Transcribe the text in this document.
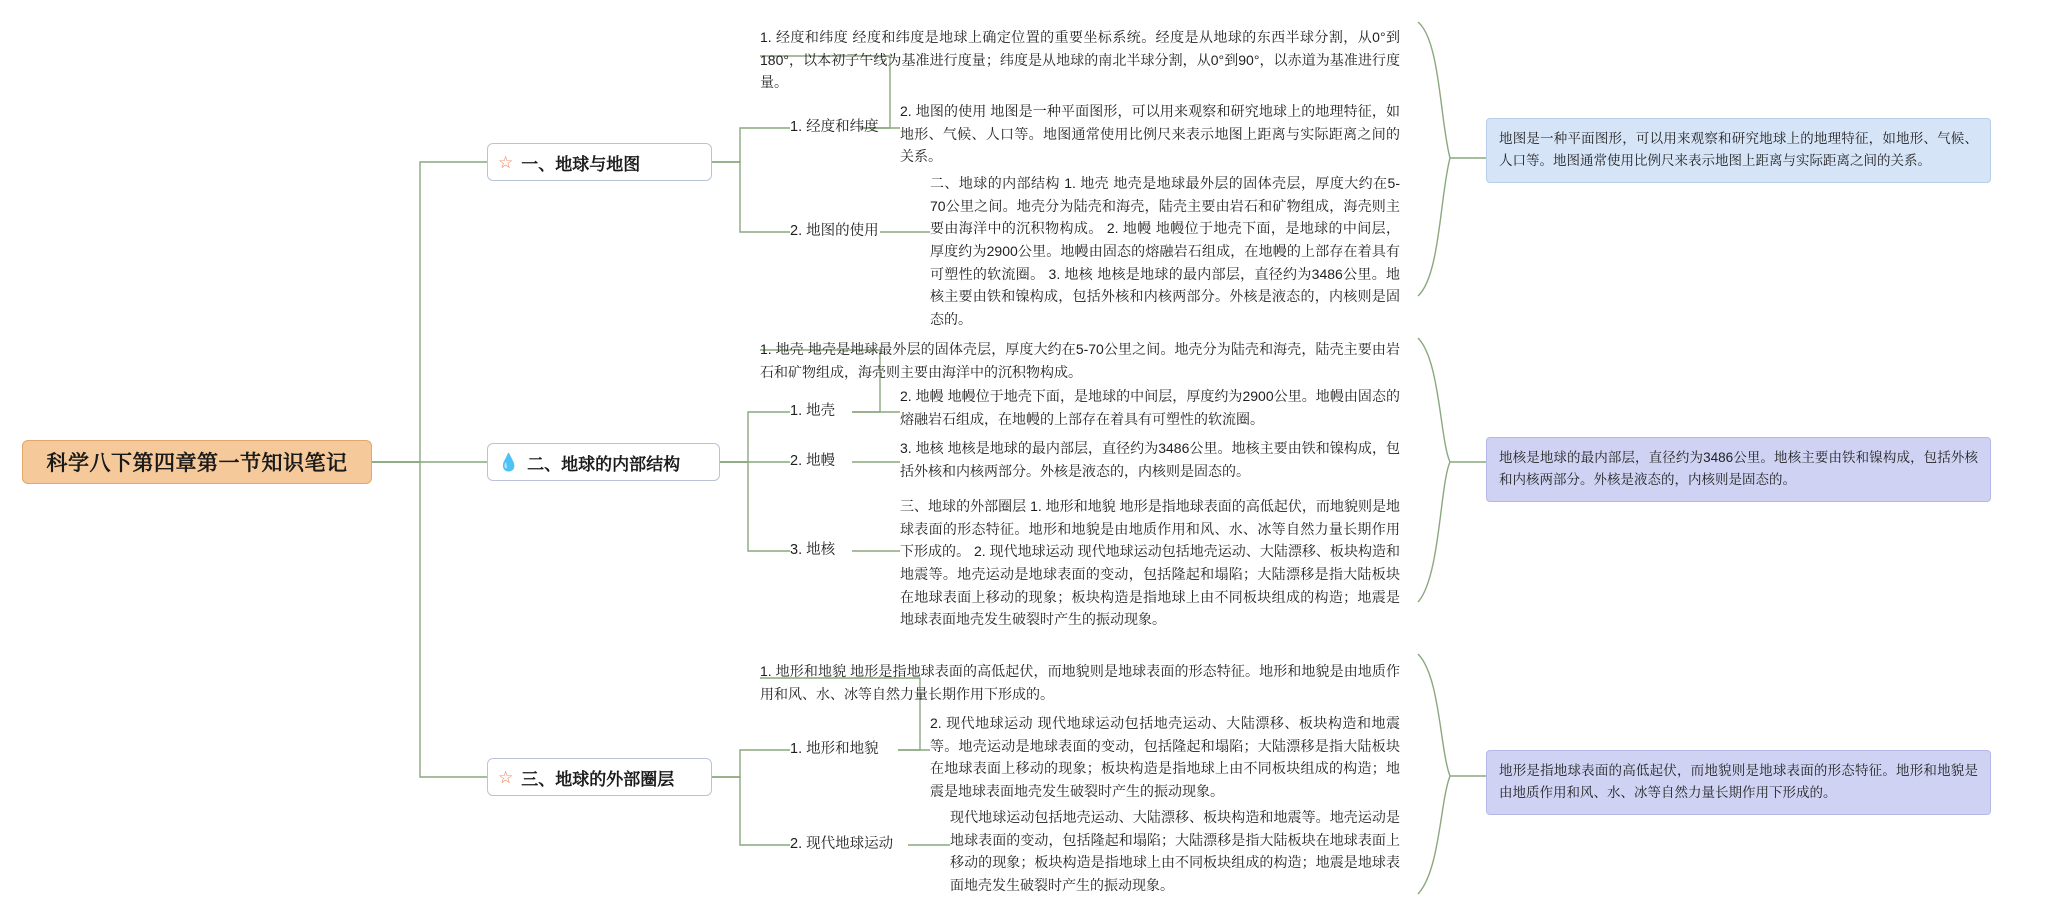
科学八下第四章第一节知识笔记
☆ 一、地球与地图
1. 经度和纬度
2. 地图的使用
1. 经度和纬度 经度和纬度是地球上确定位置的重要坐标系统。经度是从地球的东西半球分割，从0°到180°，以本初子午线为基准进行度量；纬度是从地球的南北半球分割，从0°到90°，以赤道为基准进行度量。
2. 地图的使用 地图是一种平面图形，可以用来观察和研究地球上的地理特征，如地形、气候、人口等。地图通常使用比例尺来表示地图上距离与实际距离之间的关系。
二、地球的内部结构 1. 地壳 地壳是地球最外层的固体壳层，厚度大约在5-70公里之间。地壳分为陆壳和海壳，陆壳主要由岩石和矿物组成，海壳则主要由海洋中的沉积物构成。 2. 地幔 地幔位于地壳下面，是地球的中间层，厚度约为2900公里。地幔由固态的熔融岩石组成，在地幔的上部存在着具有可塑性的软流圈。 3. 地核 地核是地球的最内部层，直径约为3486公里。地核主要由铁和镍构成，包括外核和内核两部分。外核是液态的，内核则是固态的。
💧 二、地球的内部结构
1. 地壳
2. 地幔
3. 地核
1. 地壳 地壳是地球最外层的固体壳层，厚度大约在5-70公里之间。地壳分为陆壳和海壳，陆壳主要由岩石和矿物组成，海壳则主要由海洋中的沉积物构成。
2. 地幔 地幔位于地壳下面，是地球的中间层，厚度约为2900公里。地幔由固态的熔融岩石组成，在地幔的上部存在着具有可塑性的软流圈。
3. 地核 地核是地球的最内部层，直径约为3486公里。地核主要由铁和镍构成，包括外核和内核两部分。外核是液态的，内核则是固态的。
三、地球的外部圈层 1. 地形和地貌 地形是指地球表面的高低起伏，而地貌则是地球表面的形态特征。地形和地貌是由地质作用和风、水、冰等自然力量长期作用下形成的。 2. 现代地球运动 现代地球运动包括地壳运动、大陆漂移、板块构造和地震等。地壳运动是地球表面的变动，包括隆起和塌陷；大陆漂移是指大陆板块在地球表面上移动的现象；板块构造是指地球上由不同板块组成的构造；地震是地球表面地壳发生破裂时产生的振动现象。
☆ 三、地球的外部圈层
1. 地形和地貌
2. 现代地球运动
1. 地形和地貌 地形是指地球表面的高低起伏，而地貌则是地球表面的形态特征。地形和地貌是由地质作用和风、水、冰等自然力量长期作用下形成的。
2. 现代地球运动 现代地球运动包括地壳运动、大陆漂移、板块构造和地震等。地壳运动是地球表面的变动，包括隆起和塌陷；大陆漂移是指大陆板块在地球表面上移动的现象；板块构造是指地球上由不同板块组成的构造；地震是地球表面地壳发生破裂时产生的振动现象。
现代地球运动包括地壳运动、大陆漂移、板块构造和地震等。地壳运动是地球表面的变动，包括隆起和塌陷；大陆漂移是指大陆板块在地球表面上移动的现象；板块构造是指地球上由不同板块组成的构造；地震是地球表面地壳发生破裂时产生的振动现象。
地图是一种平面图形，可以用来观察和研究地球上的地理特征，如地形、气候、人口等。地图通常使用比例尺来表示地图上距离与实际距离之间的关系。
地核是地球的最内部层，直径约为3486公里。地核主要由铁和镍构成，包括外核和内核两部分。外核是液态的，内核则是固态的。
地形是指地球表面的高低起伏，而地貌则是地球表面的形态特征。地形和地貌是由地质作用和风、水、冰等自然力量长期作用下形成的。
